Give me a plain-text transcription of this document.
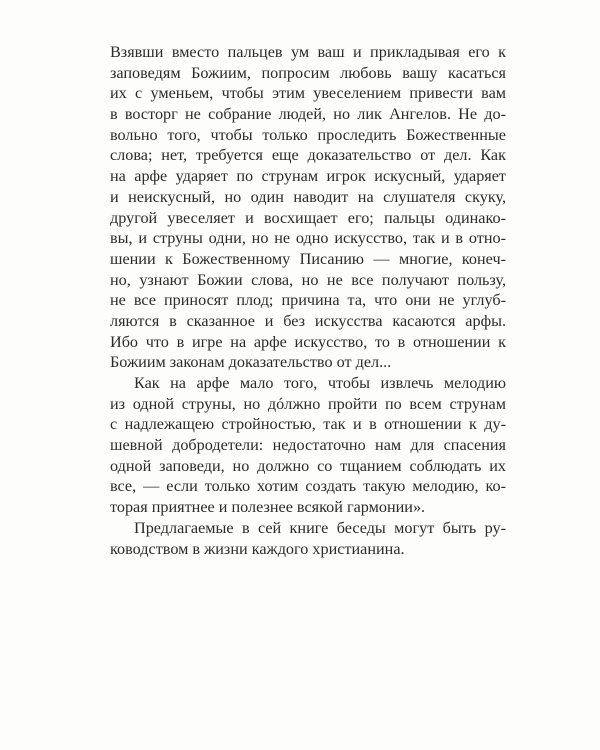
Взявши вместо пальцев ум ваш и прикладывая его к
заповедям Божиим, попросим любовь вашу касаться
их с уменьем, чтобы этим увеселением привести вам
в восторг не собрание людей, но лик Ангелов. Не до-
вольно того, чтобы только проследить Божественные
слова; нет, требуется еще доказательство от дел. Как
на арфе ударяет по струнам игрок искусный, ударяет
и неискусный, но один наводит на слушателя скуку,
другой увеселяет и восхищает его; пальцы одинако-
вы, и струны одни, но не одно искусство, так и в отно-
шении к Божественному Писанию — многие, конеч-
но, узнают Божии слова, но не все получают пользу,
не все приносят плод; причина та, что они не углуб-
ляются в сказанное и без искусства касаются арфы.
Ибо что в игре на арфе искусство, то в отношении к
Божиим законам доказательство от дел...
Как на арфе мало того, чтобы извлечь мелодию
из одной струны, но дóлжно пройти по всем струнам
с надлежащею стройностью, так и в отношении к ду-
шевной добродетели: недостаточно нам для спасения
одной заповеди, но должно со тщанием соблюдать их
все, — если только хотим создать такую мелодию, ко-
торая приятнее и полезнее всякой гармонии».
Предлагаемые в сей книге беседы могут быть ру-
ководством в жизни каждого христианина.
